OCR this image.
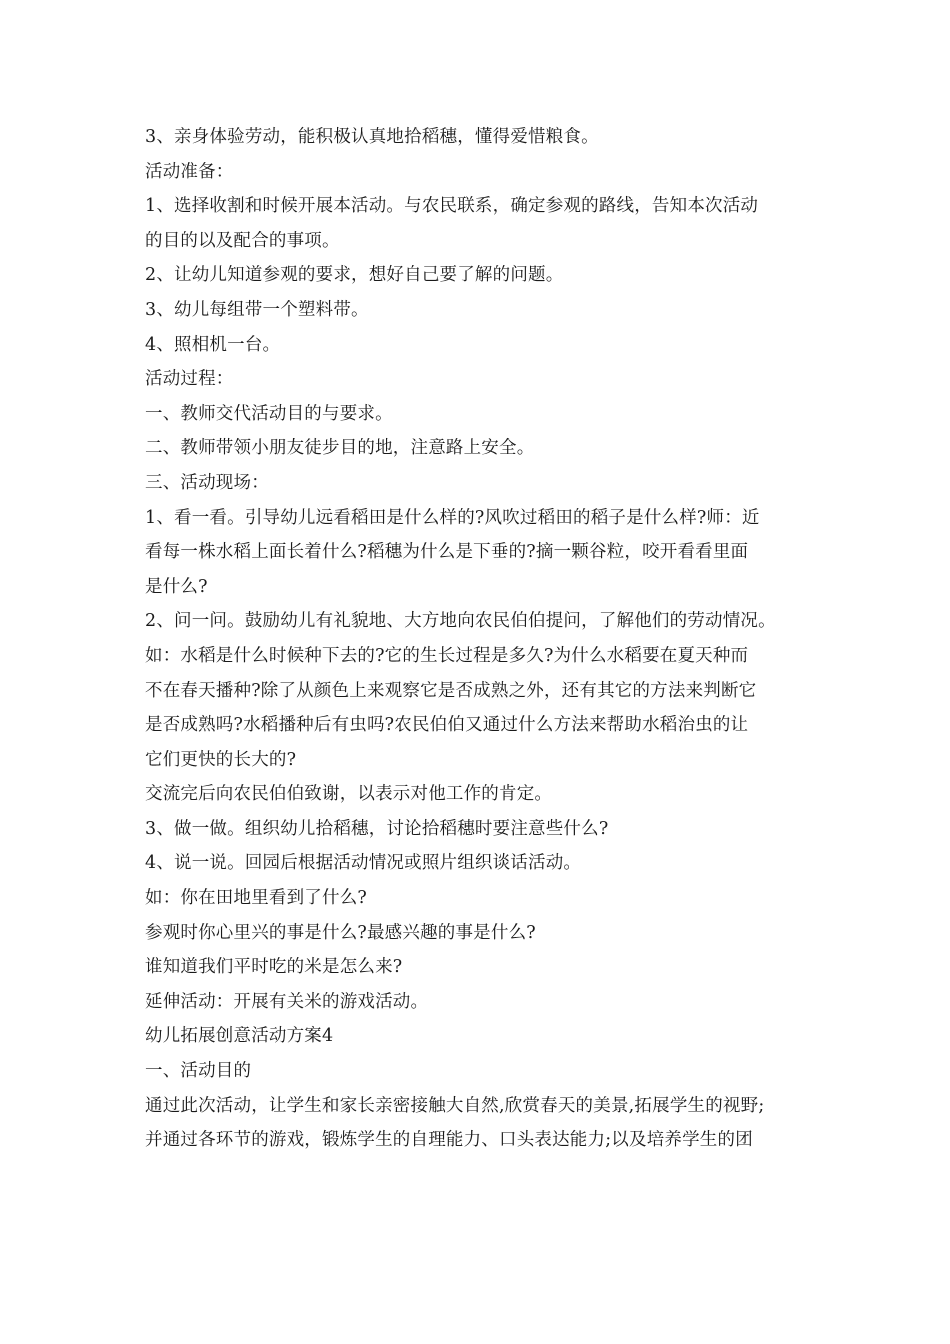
3、亲身体验劳动，能积极认真地拾稻穗，懂得爱惜粮食。
活动准备：
1、选择收割和时候开展本活动。与农民联系，确定参观的路线，告知本次活动
的目的以及配合的事项。
2、让幼儿知道参观的要求，想好自己要了解的问题。
3、幼儿每组带一个塑料带。
4、照相机一台。
活动过程：
一、教师交代活动目的与要求。
二、教师带领小朋友徒步目的地，注意路上安全。
三、活动现场：
1、看一看。引导幼儿远看稻田是什么样的?风吹过稻田的稻子是什么样?师：近
看每一株水稻上面长着什么?稻穗为什么是下垂的?摘一颗谷粒，咬开看看里面
是什么?
2、问一问。鼓励幼儿有礼貌地、大方地向农民伯伯提问，了解他们的劳动情况。
如：水稻是什么时候种下去的?它的生长过程是多久?为什么水稻要在夏天种而
不在春天播种?除了从颜色上来观察它是否成熟之外，还有其它的方法来判断它
是否成熟吗?水稻播种后有虫吗?农民伯伯又通过什么方法来帮助水稻治虫的让
它们更快的长大的?
交流完后向农民伯伯致谢，以表示对他工作的肯定。
3、做一做。组织幼儿拾稻穗，讨论拾稻穗时要注意些什么?
4、说一说。回园后根据活动情况或照片组织谈话活动。
如：你在田地里看到了什么?
参观时你心里兴的事是什么?最感兴趣的事是什么?
谁知道我们平时吃的米是怎么来?
延伸活动：开展有关米的游戏活动。
幼儿拓展创意活动方案4
一、活动目的
通过此次活动，让学生和家长亲密接触大自然,欣赏春天的美景,拓展学生的视野;
并通过各环节的游戏，锻炼学生的自理能力、口头表达能力;以及培养学生的团
